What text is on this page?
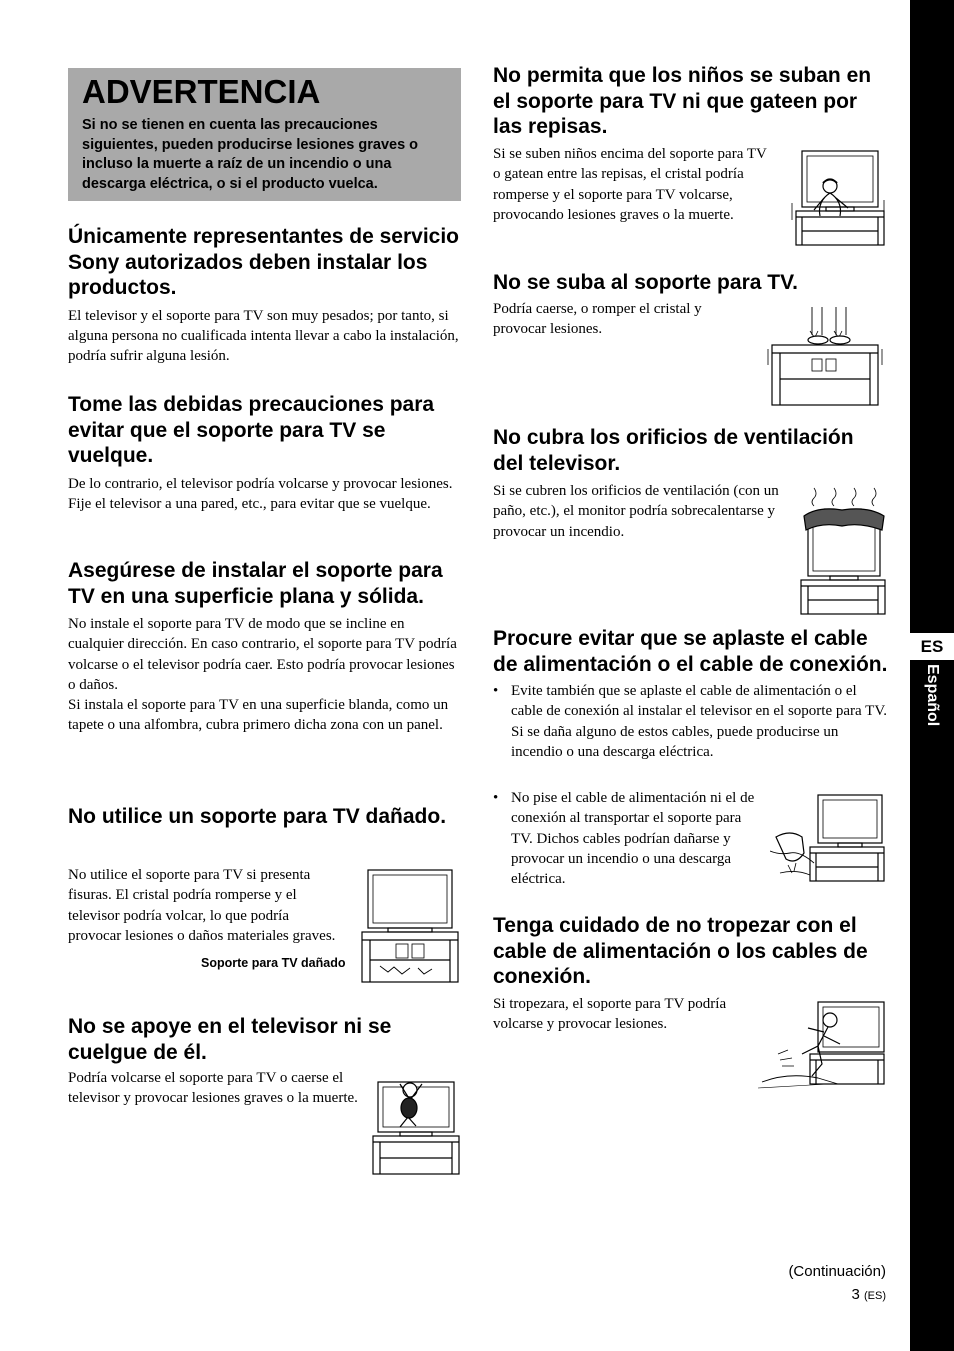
ES
Español
ADVERTENCIA

Si no se tienen en cuenta las precauciones siguientes, pueden producirse lesiones graves o incluso la muerte a raíz de un incendio o una descarga eléctrica, o si el producto vuelca.

Únicamente representantes de servicio Sony autorizados deben instalar los productos.

El televisor y el soporte para TV son muy pesados; por tanto, si alguna persona no cualificada intenta llevar a cabo la instalación, podría sufrir alguna lesión.

Tome las debidas precauciones para evitar que el soporte para TV se vuelque.

De lo contrario, el televisor podría volcarse y provocar lesiones. Fije el televisor a una pared, etc., para evitar que se vuelque.

Asegúrese de instalar el soporte para TV en una superficie plana y sólida.

No instale el soporte para TV de modo que se incline en cualquier dirección. En caso contrario, el soporte para TV podría volcarse o el televisor podría caer. Esto podría provocar lesiones o daños.

Si instala el soporte para TV en una superficie blanda, como un tapete o una alfombra, cubra primero dicha zona con un panel.

No utilice un soporte para TV dañado.

No utilice el soporte para TV si presenta fisuras. El cristal podría romperse y el televisor podría volcar, lo que podría provocar lesiones o daños materiales graves.

Soporte para TV dañado
No se apoye en el televisor ni se cuelgue de él.

Podría volcarse el soporte para TV o caerse el televisor y provocar lesiones graves o la muerte.

No permita que los niños se suban en el soporte para TV ni que gateen por las repisas.

Si se suben niños encima del soporte para TV o gatean entre las repisas, el cristal podría romperse y el soporte para TV volcarse, provocando lesiones graves o la muerte.

No se suba al soporte para TV.

Podría caerse, o romper el cristal y provocar lesiones.

No cubra los orificios de ventilación del televisor.

Si se cubren los orificios de ventilación (con un paño, etc.), el monitor podría sobrecalentarse y provocar un incendio.

Procure evitar que se aplaste el cable de alimentación o el cable de conexión.
• Evite también que se aplaste el cable de alimentación o el cable de conexión al instalar el televisor en el soporte para TV. Si se daña alguno de estos cables, puede producirse un incendio o una descarga eléctrica.
• No pise el cable de alimentación ni el de conexión al transportar el soporte para TV. Dichos cables podrían dañarse y provocar un incendio o una descarga eléctrica.
Tenga cuidado de no tropezar con el cable de alimentación o los cables de conexión.

Si tropezara, el soporte para TV podría volcarse y provocar lesiones.

(Continuación)
3 (ES)
